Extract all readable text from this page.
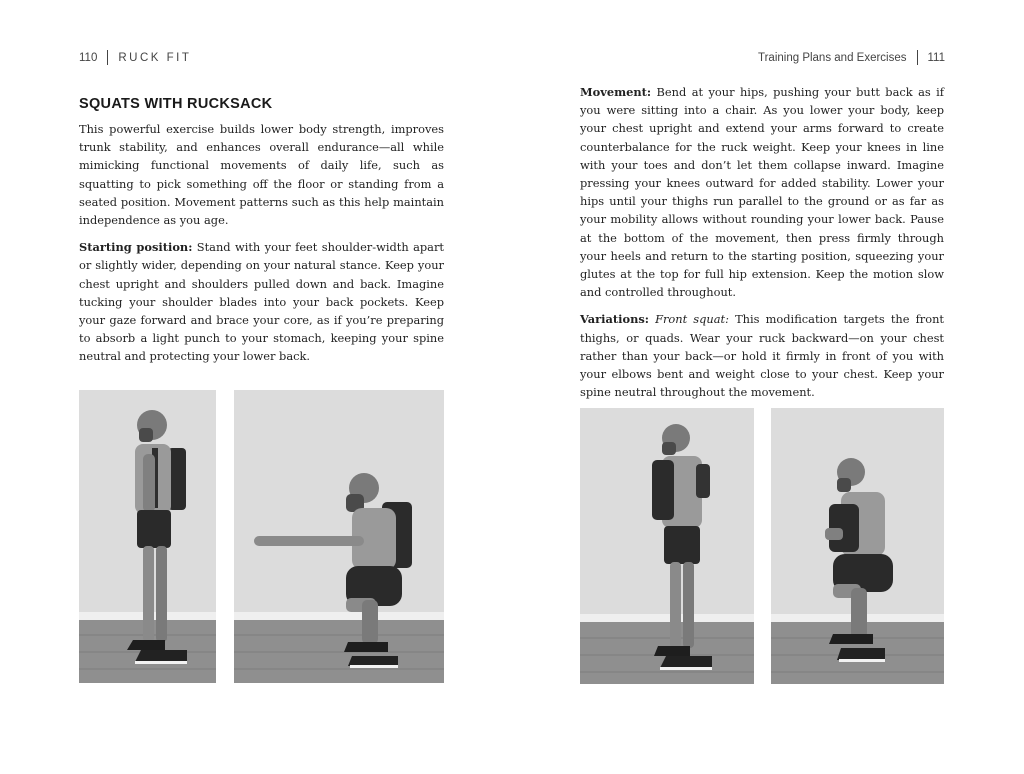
110 RUCK FIT
SQUATS WITH RUCKSACK

This powerful exercise builds lower body strength, improves trunk stability, and enhances overall endurance—all while mimicking functional movements of daily life, such as squatting to pick something off the floor or standing from a seated position. Movement patterns such as this help maintain independence as you age.

Starting position: Stand with your feet shoulder-width apart or slightly wider, depending on your natural stance. Keep your chest upright and shoulders pulled down and back. Imagine tucking your shoulder blades into your back pockets. Keep your gaze forward and brace your core, as if you’re preparing to absorb a light punch to your stomach, keeping your spine neutral and protecting your lower back.

Training Plans and Exercises 111

Movement: Bend at your hips, pushing your butt back as if you were sitting into a chair. As you lower your body, keep your chest upright and extend your arms forward to create counterbalance for the ruck weight. Keep your knees in line with your toes and don’t let them collapse inward. Imagine pressing your knees outward for added stability. Lower your hips until your thighs run parallel to the ground or as far as your mobility allows without rounding your lower back. Pause at the bottom of the movement, then press firmly through your heels and return to the starting position, squeezing your glutes at the top for full hip extension. Keep the motion slow and controlled throughout.

Variations: Front squat: This modification targets the front thighs, or quads. Wear your ruck backward—on your chest rather than your back—or hold it firmly in front of you with your elbows bent and weight close to your chest. Keep your spine neutral throughout the movement.
